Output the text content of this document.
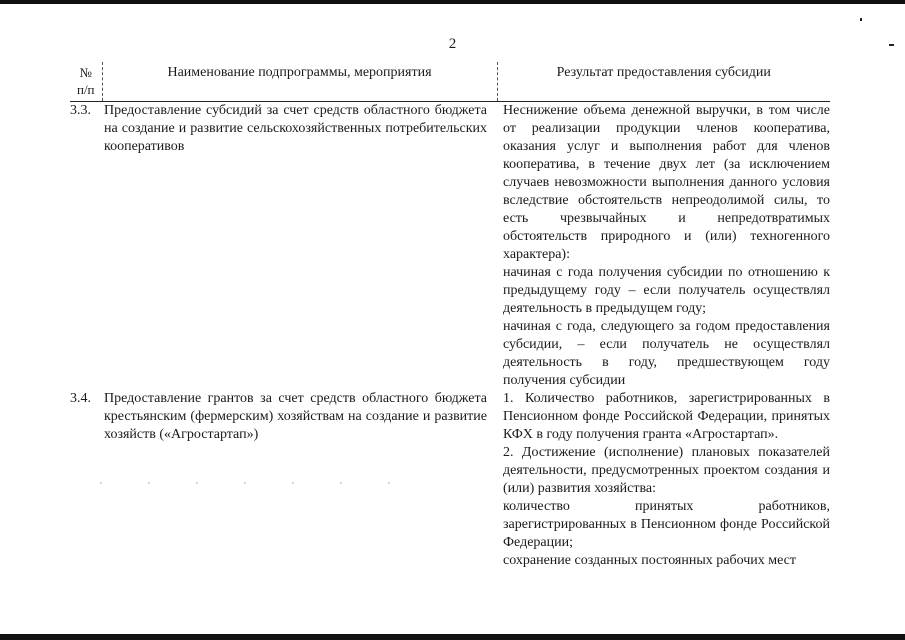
2
№
п/п	Наименование подпрограммы, мероприятия	Результат предоставления субсидии
3.3.	Предоставление субсидий за счет средств областного бюджета на создание и развитие сельскохозяйственных потребительских кооперативов	Неснижение объема денежной выручки, в том числе от реализации продукции членов кооператива, оказания услуг и выполнения работ для членов кооператива, в течение двух лет (за исключением случаев невозможности выполнения данного условия вследствие обстоятельств непреодолимой силы, то есть чрезвычайных и непредотвратимых обстоятельств природного и (или) техногенного характера):

начиная с года получения субсидии по отношению к предыдущему году – если получатель осуществлял деятельность в предыдущем году;

начиная с года, следующего за годом предоставления субсидии, – если получатель не осуществлял деятельность в году, предшествующем году получения субсидии

3.4.	Предоставление грантов за счет средств областного бюджета крестьянским (фермерским) хозяйствам на создание и развитие хозяйств («Агростартап»)	1. Количество работников, зарегистрированных в Пенсионном фонде Российской Федерации, принятых КФХ в году получения гранта «Агростартап».

2. Достижение (исполнение) плановых показателей деятельности, предусмотренных проектом создания и (или) развития хозяйства:

количество принятых работников, зарегистрированных в Пенсионном фонде Российской Федерации;

сохранение созданных постоянных рабочих мест
